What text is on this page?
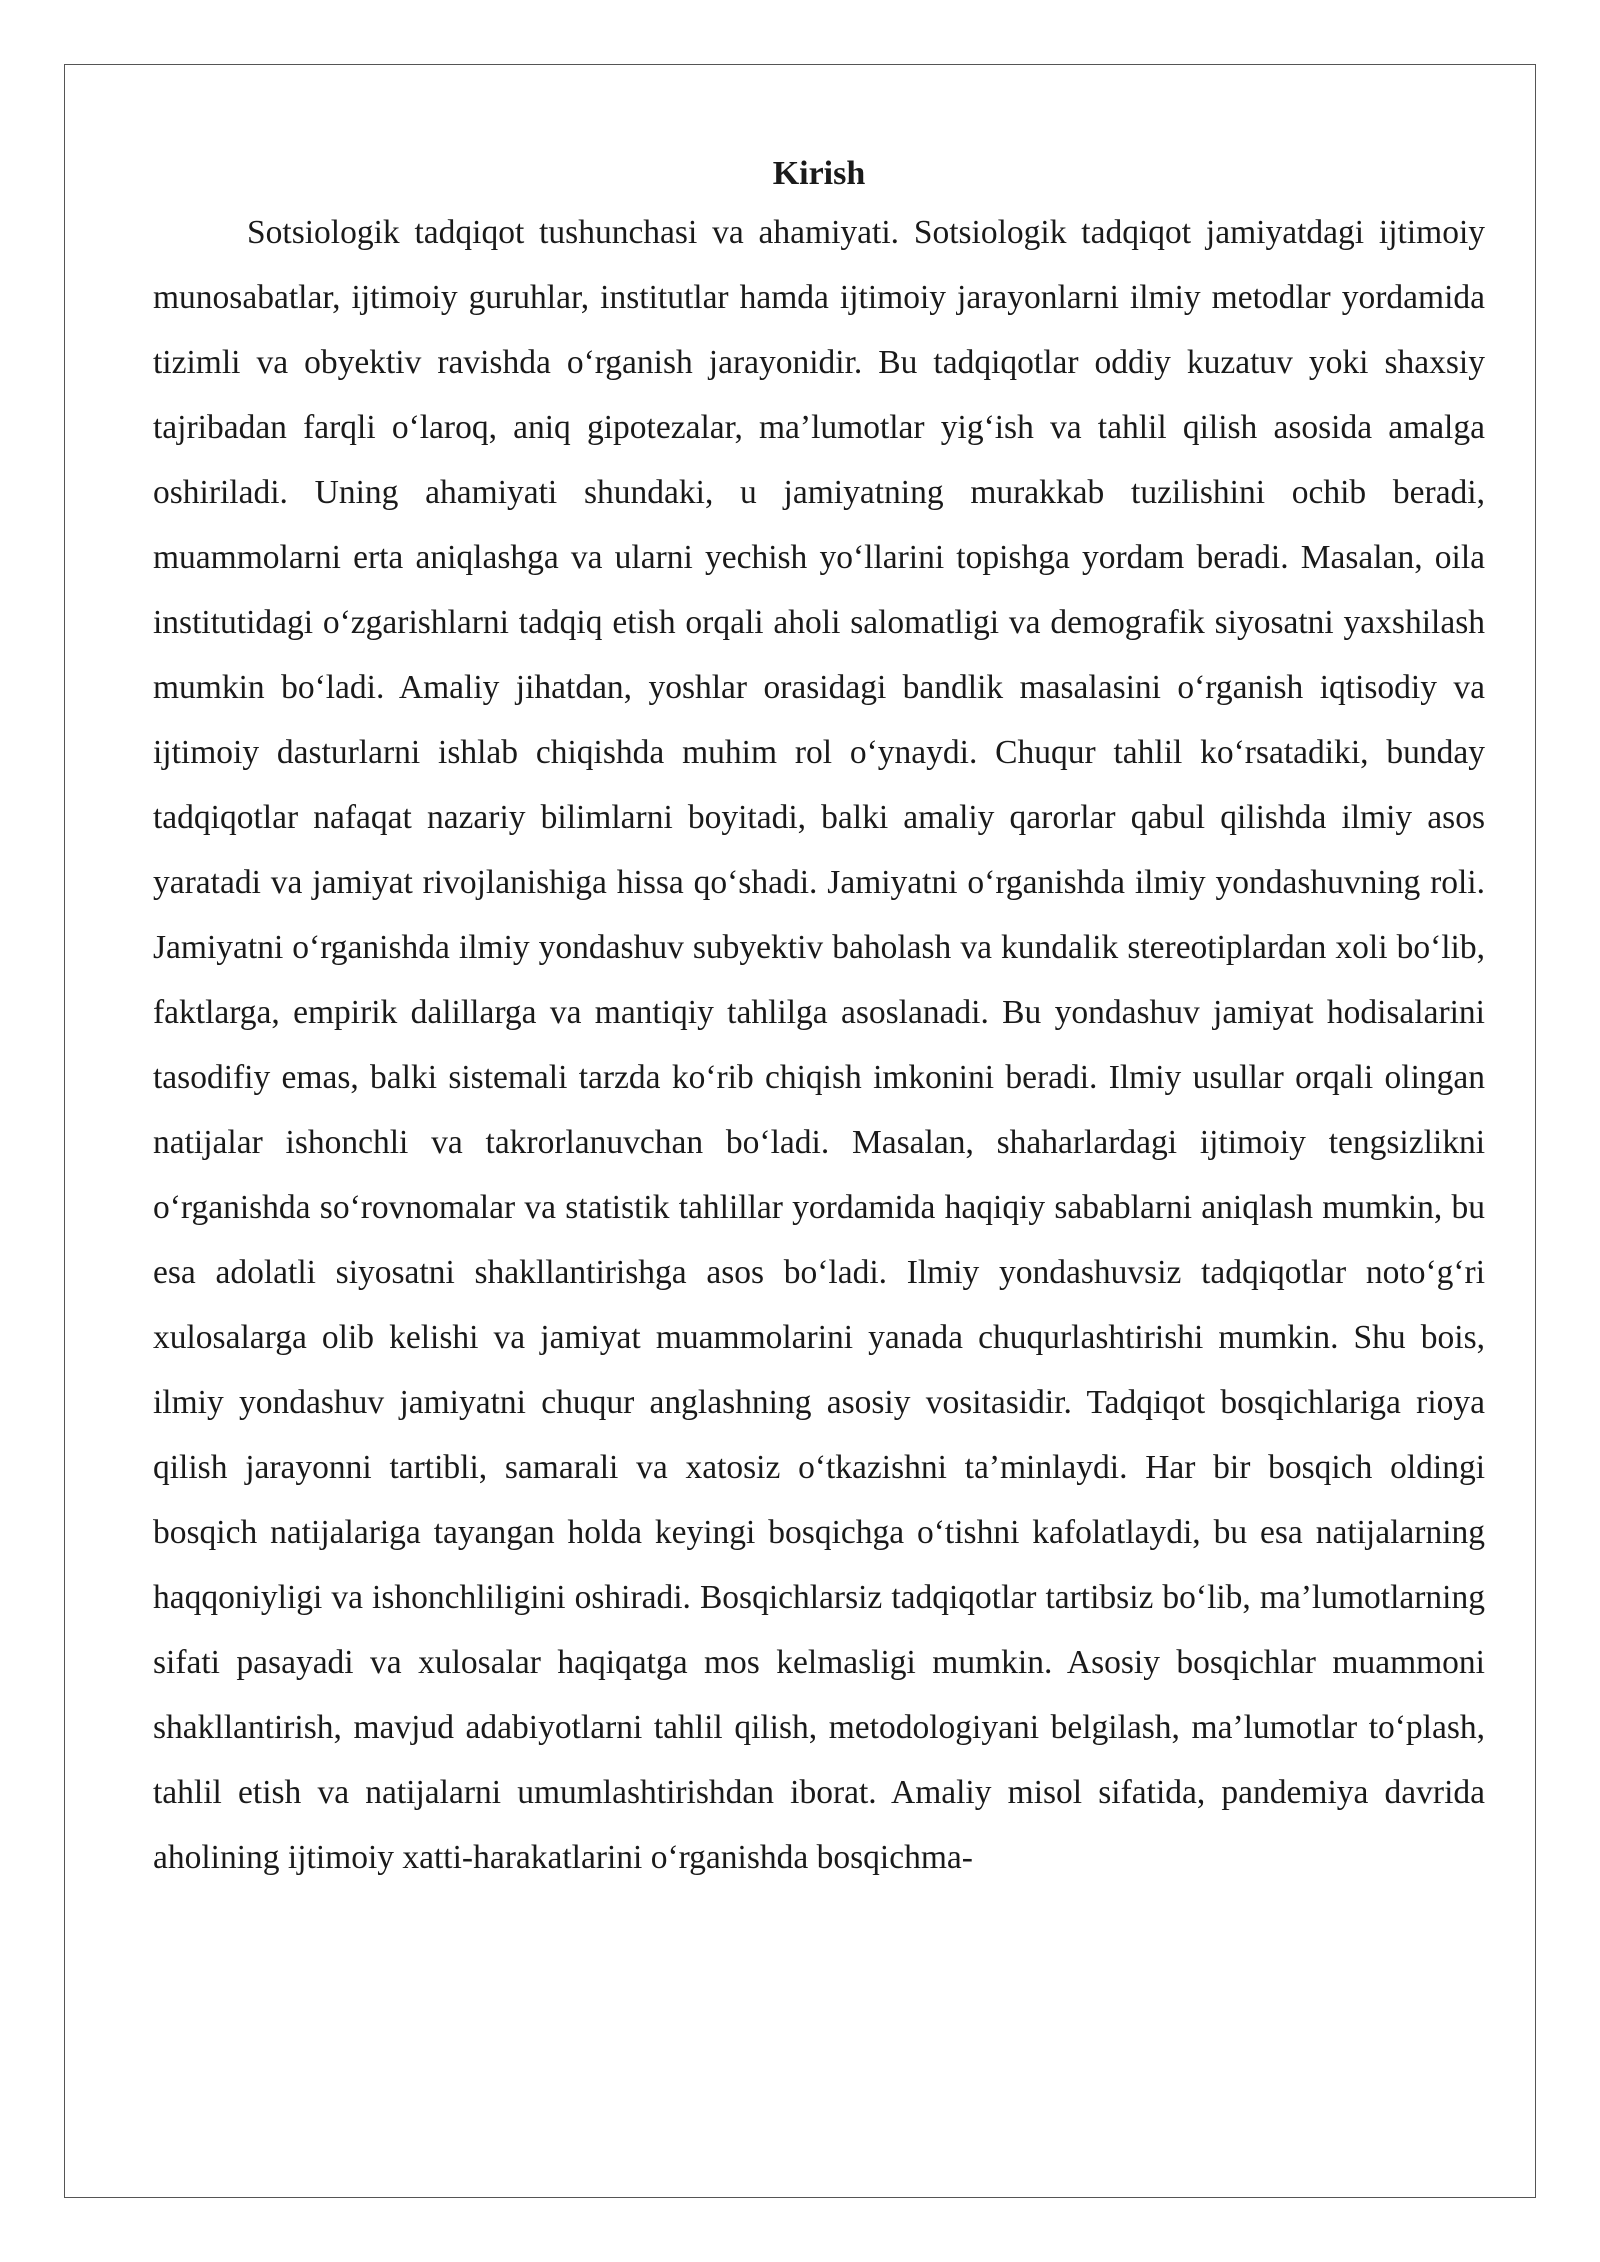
Kirish

Sotsiologik tadqiqot tushunchasi va ahamiyati. Sotsiologik tadqiqot jamiyatdagi ijtimoiy munosabatlar, ijtimoiy guruhlar, institutlar hamda ijtimoiy jarayonlarni ilmiy metodlar yordamida tizimli va obyektiv ravishda o‘rganish jarayonidir. Bu tadqiqotlar oddiy kuzatuv yoki shaxsiy tajribadan farqli o‘laroq, aniq gipotezalar, ma’lumotlar yig‘ish va tahlil qilish asosida amalga oshiriladi. Uning ahamiyati shundaki, u jamiyatning murakkab tuzilishini ochib beradi, muammolarni erta aniqlashga va ularni yechish yo‘llarini topishga yordam beradi. Masalan, oila institutidagi o‘zgarishlarni tadqiq etish orqali aholi salomatligi va demografik siyosatni yaxshilash mumkin bo‘ladi. Amaliy jihatdan, yoshlar orasidagi bandlik masalasini o‘rganish iqtisodiy va ijtimoiy dasturlarni ishlab chiqishda muhim rol o‘ynaydi. Chuqur tahlil ko‘rsatadiki, bunday tadqiqotlar nafaqat nazariy bilimlarni boyitadi, balki amaliy qarorlar qabul qilishda ilmiy asos yaratadi va jamiyat rivojlanishiga hissa qo‘shadi. Jamiyatni o‘rganishda ilmiy yondashuvning roli. Jamiyatni o‘rganishda ilmiy yondashuv subyektiv baholash va kundalik stereotiplardan xoli bo‘lib, faktlarga, empirik dalillarga va mantiqiy tahlilga asoslanadi. Bu yondashuv jamiyat hodisalarini tasodifiy emas, balki sistemali tarzda ko‘rib chiqish imkonini beradi. Ilmiy usullar orqali olingan natijalar ishonchli va takrorlanuvchan bo‘ladi. Masalan, shaharlardagi ijtimoiy tengsizlikni o‘rganishda so‘rovnomalar va statistik tahlillar yordamida haqiqiy sabablarni aniqlash mumkin, bu esa adolatli siyosatni shakllantirishga asos bo‘ladi. Ilmiy yondashuvsiz tadqiqotlar noto‘g‘ri xulosalarga olib kelishi va jamiyat muammolarini yanada chuqurlashtirishi mumkin. Shu bois, ilmiy yondashuv jamiyatni chuqur anglashning asosiy vositasidir. Tadqiqot bosqichlariga rioya qilish jarayonni tartibli, samarali va xatosiz o‘tkazishni ta’minlaydi. Har bir bosqich oldingi bosqich natijalariga tayangan holda keyingi bosqichga o‘tishni kafolatlaydi, bu esa natijalarning haqqoniyligi va ishonchliligini oshiradi. Bosqichlarsiz tadqiqotlar tartibsiz bo‘lib, ma’lumotlarning sifati pasayadi va xulosalar haqiqatga mos kelmasligi mumkin. Asosiy bosqichlar muammoni shakllantirish, mavjud adabiyotlarni tahlil qilish, metodologiyani belgilash, ma’lumotlar to‘plash, tahlil etish va natijalarni umumlashtirishdan iborat. Amaliy misol sifatida, pandemiya davrida aholining ijtimoiy xatti-harakatlarini o‘rganishda bosqichma-
